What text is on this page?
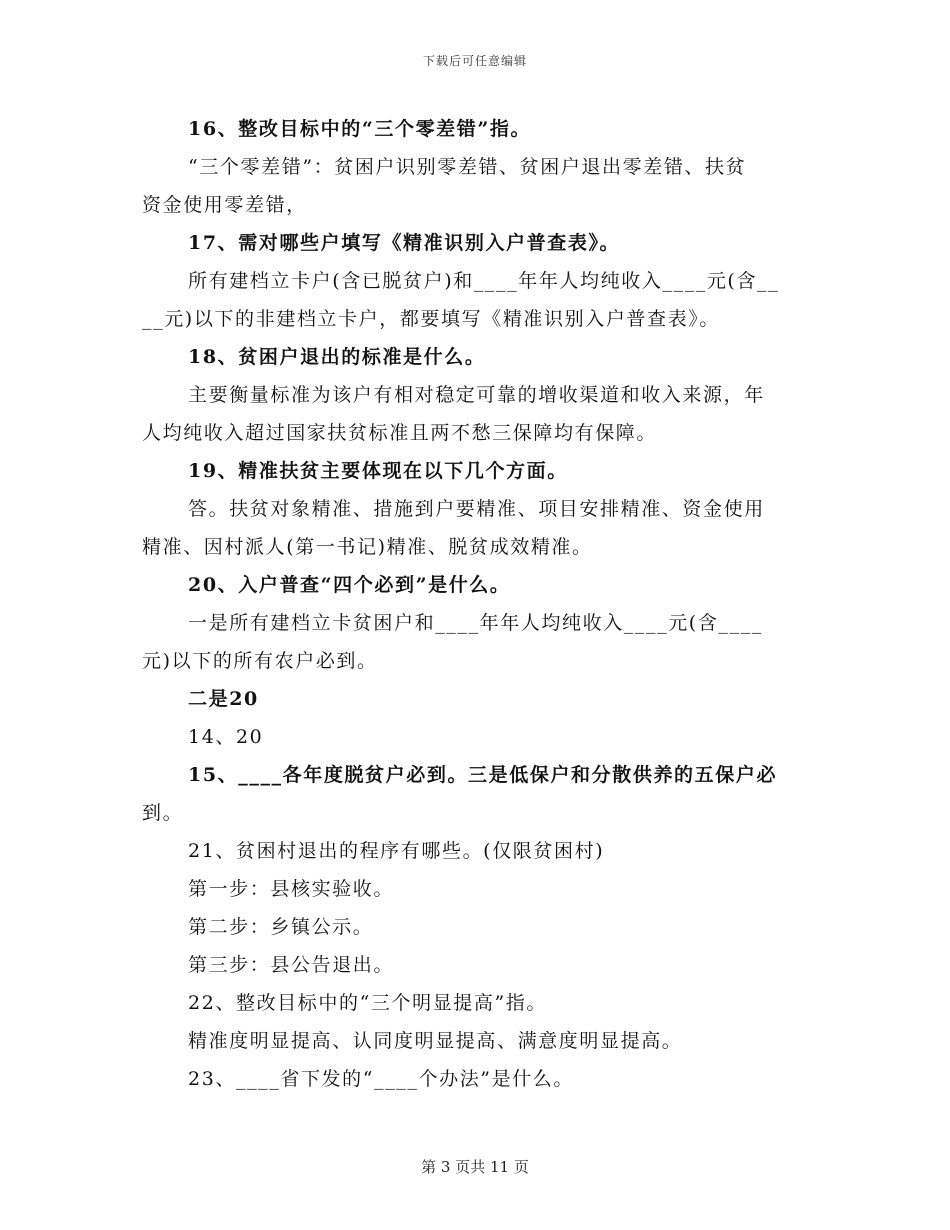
下载后可任意编辑
16、整改目标中的“三个零差错”指。
“三个零差错”：贫困户识别零差错、贫困户退出零差错、扶贫
资金使用零差错，
17、需对哪些户填写《精准识别入户普查表》。
所有建档立卡户(含已脱贫户)和____年年人均纯收入____元(含__
__元)以下的非建档立卡户，都要填写《精准识别入户普查表》。
18、贫困户退出的标准是什么。
主要衡量标准为该户有相对稳定可靠的增收渠道和收入来源，年
人均纯收入超过国家扶贫标准且两不愁三保障均有保障。
19、精准扶贫主要体现在以下几个方面。
答。扶贫对象精准、措施到户要精准、项目安排精准、资金使用
精准、因村派人(第一书记)精准、脱贫成效精准。
20、入户普查“四个必到”是什么。
一是所有建档立卡贫困户和____年年人均纯收入____元(含____
元)以下的所有农户必到。
二是20
14、20
15、____各年度脱贫户必到。三是低保户和分散供养的五保户必
到。
21、贫困村退出的程序有哪些。(仅限贫困村)
第一步：县核实验收。
第二步：乡镇公示。
第三步：县公告退出。
22、整改目标中的“三个明显提高”指。
精准度明显提高、认同度明显提高、满意度明显提高。
23、____省下发的“____个办法”是什么。
第 3 页共 11 页
